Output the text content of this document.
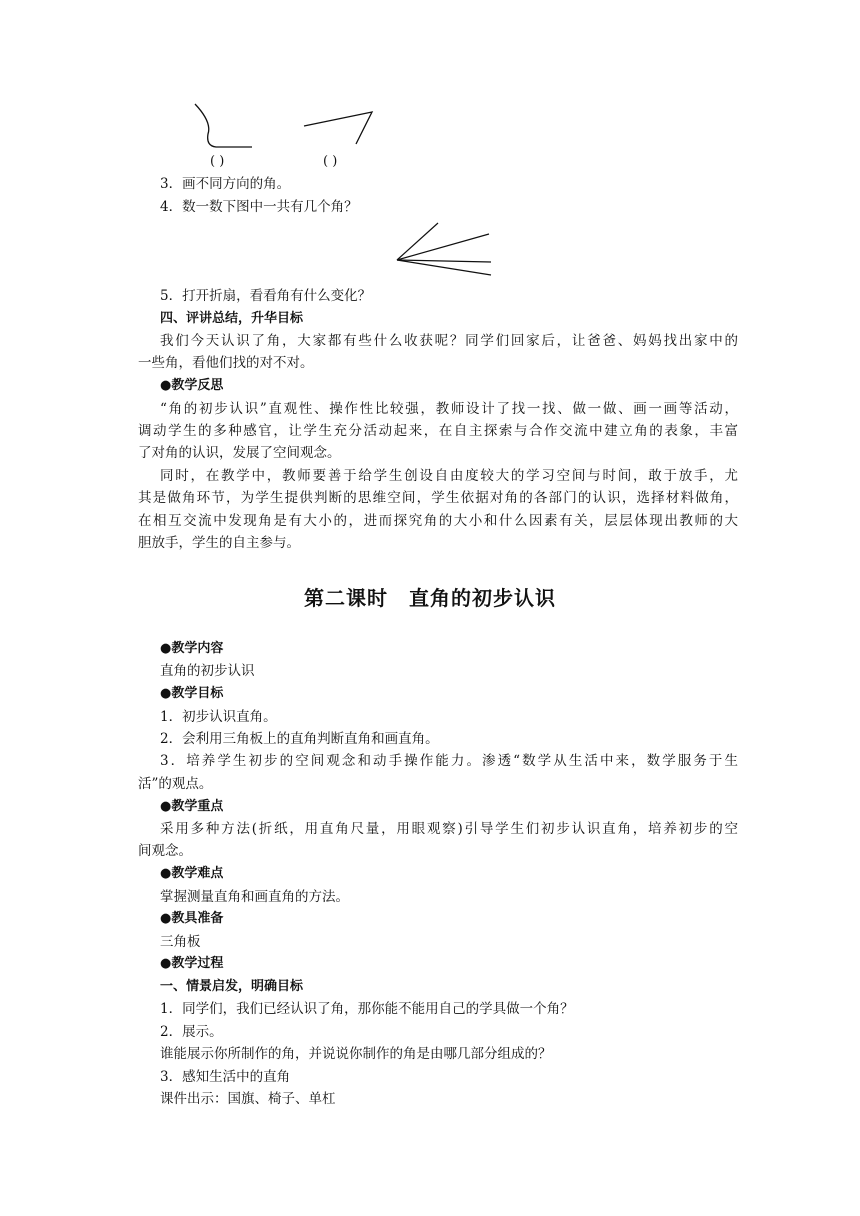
( )	( )
3．画不同方向的角。
4．数一数下图中一共有几个角？
5．打开折扇，看看角有什么变化？
四、评讲总结，升华目标
我们今天认识了角，大家都有些什么收获呢？同学们回家后，让爸爸、妈妈找出家中的
一些角，看他们找的对不对。
●教学反思
“角的初步认识”直观性、操作性比较强，教师设计了找一找、做一做、画一画等活动，
调动学生的多种感官，让学生充分活动起来，在自主探索与合作交流中建立角的表象，丰富
了对角的认识，发展了空间观念。
同时，在教学中，教师要善于给学生创设自由度较大的学习空间与时间，敢于放手，尤
其是做角环节，为学生提供判断的思维空间，学生依据对角的各部门的认识，选择材料做角，
在相互交流中发现角是有大小的，进而探究角的大小和什么因素有关，层层体现出教师的大
胆放手，学生的自主参与。
第二课时　直角的初步认识
●教学内容
直角的初步认识
●教学目标
1．初步认识直角。
2．会利用三角板上的直角判断直角和画直角。
3．培养学生初步的空间观念和动手操作能力。渗透“数学从生活中来，数学服务于生
活”的观点。
●教学重点
采用多种方法(折纸，用直角尺量，用眼观察)引导学生们初步认识直角，培养初步的空
间观念。
●教学难点
掌握测量直角和画直角的方法。
●教具准备
三角板
●教学过程
一、情景启发，明确目标
1．同学们，我们已经认识了角，那你能不能用自己的学具做一个角？
2．展示。
谁能展示你所制作的角，并说说你制作的角是由哪几部分组成的？
3．感知生活中的直角
课件出示：国旗、椅子、单杠
